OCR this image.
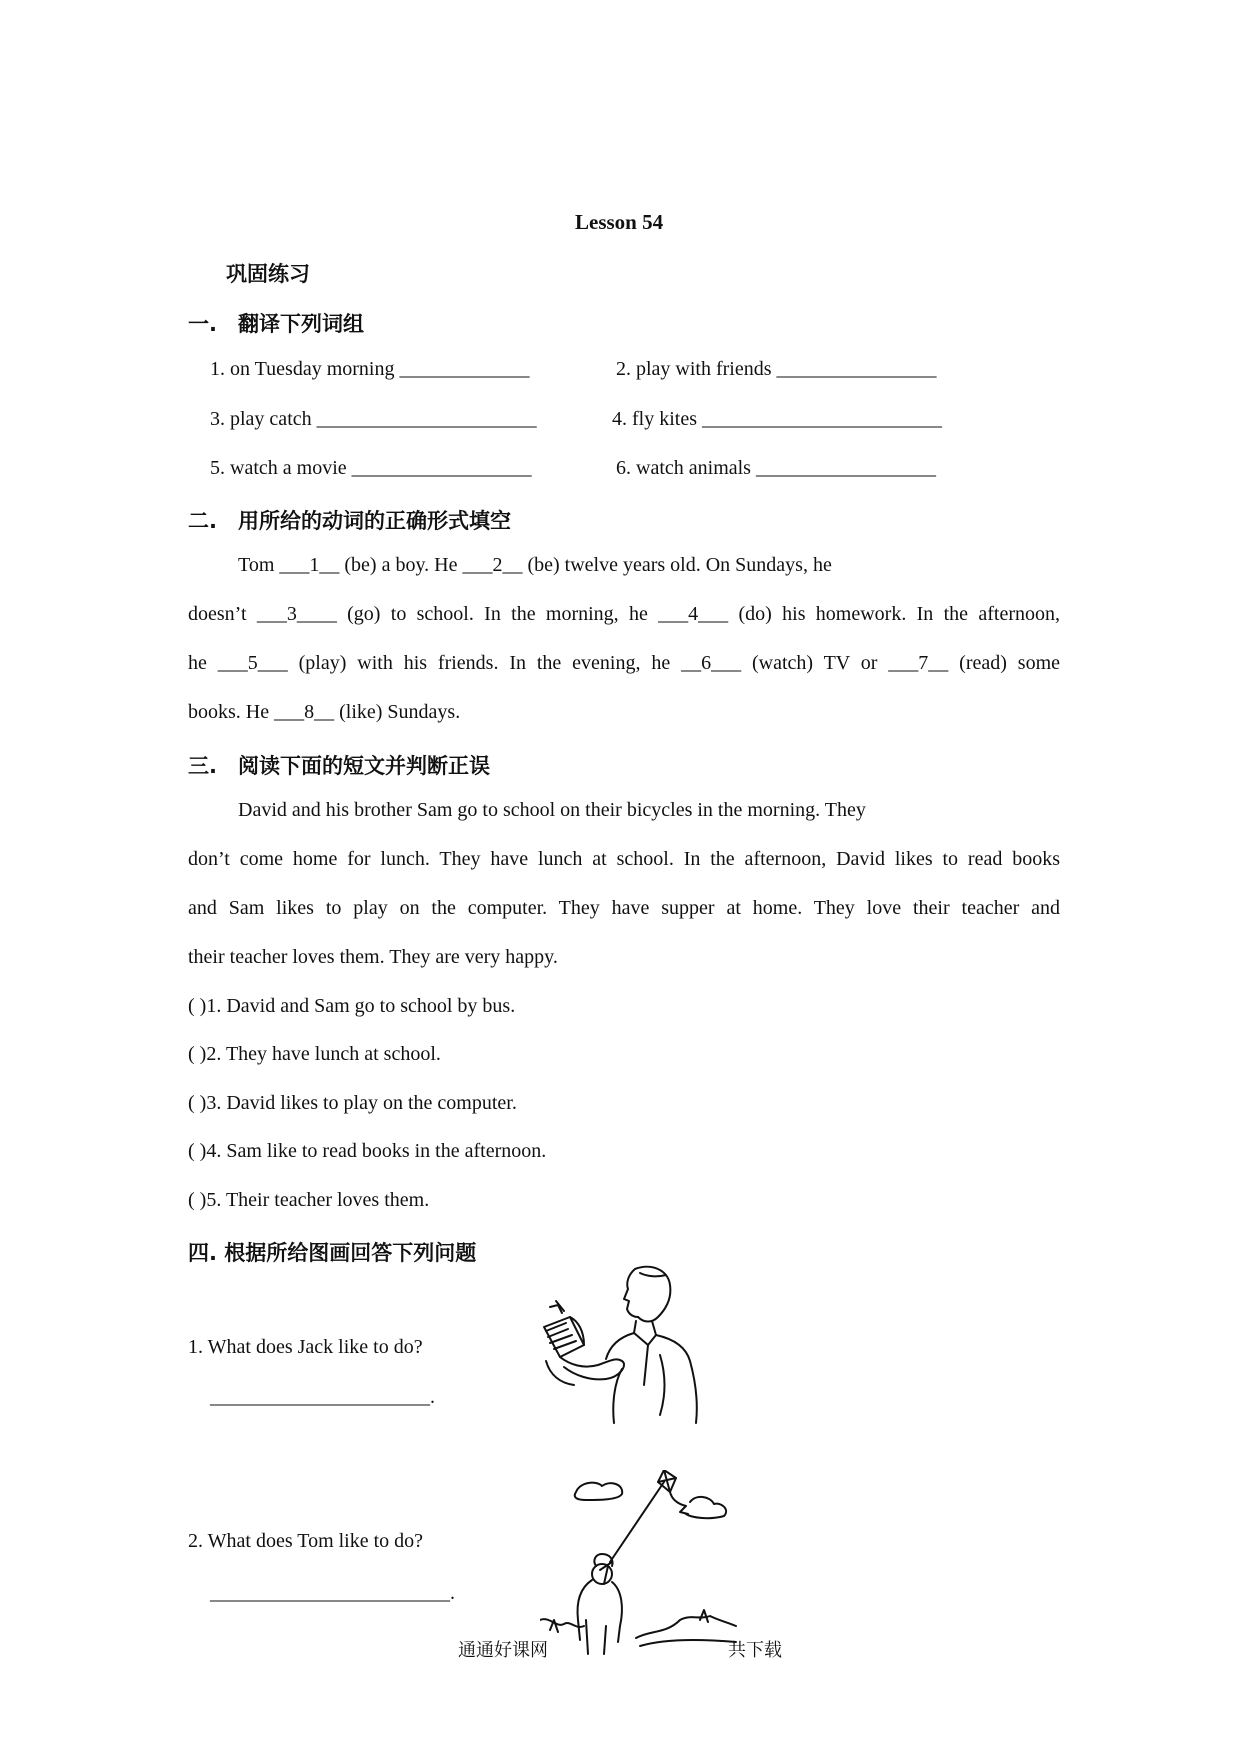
Lesson 54
巩固练习
一. 翻译下列词组
1. on Tuesday morning _____________	2. play with friends ________________
3. play catch ______________________	4. fly kites ________________________
5. watch a movie __________________	6. watch animals __________________
二. 用所给的动词的正确形式填空
Tom ___1__ (be) a boy. He ___2__ (be) twelve years old. On Sundays, he
doesn’t ___3____ (go) to school. In the morning, he ___4___ (do) his homework. In the afternoon,
he ___5___ (play) with his friends. In the evening, he __6___ (watch) TV or ___7__ (read) some
books. He ___8__ (like) Sundays.
三. 阅读下面的短文并判断正误
David and his brother Sam go to school on their bicycles in the morning. They
don’t come home for lunch. They have lunch at school. In the afternoon, David likes to read books
and Sam likes to play on the computer. They have supper at home. They love their teacher and
their teacher loves them. They are very happy.
( )1. David and Sam go to school by bus.
( )2. They have lunch at school.
( )3. David likes to play on the computer.
( )4. Sam like to read books in the afternoon.
( )5. Their teacher loves them.
四. 根据所给图画回答下列问题
1. What does Jack like to do?
______________________.
2. What does Tom like to do?
________________________.
通通好课网	共下载
